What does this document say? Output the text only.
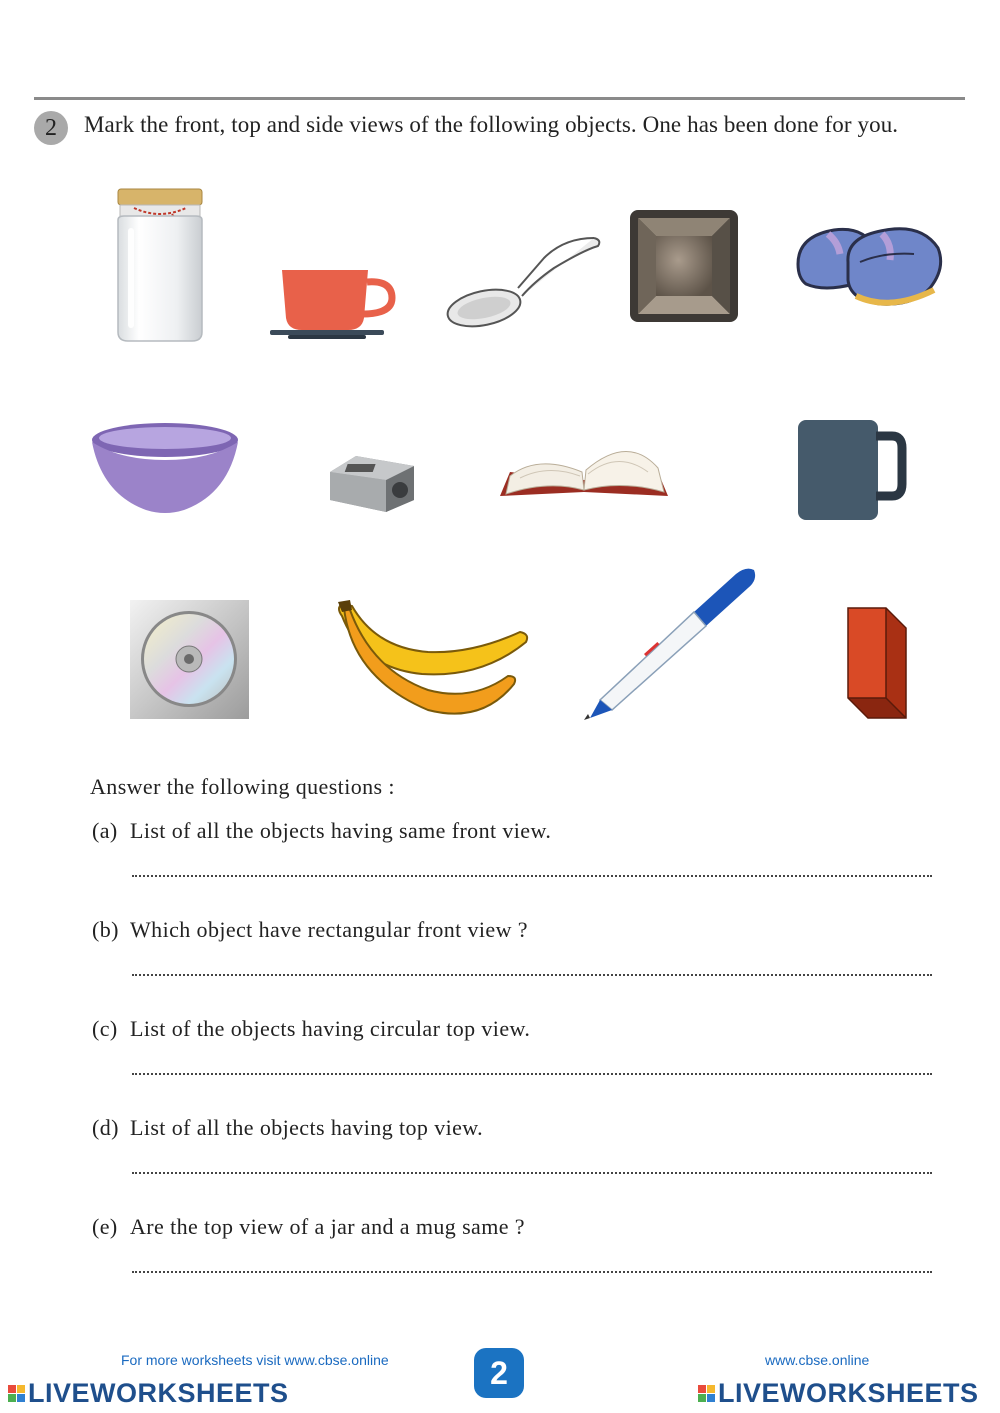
2	Mark the front, top and side views of the following objects. One has been done for you.
Answer the following questions :
(a) List of all the objects having same front view.
(b) Which object have rectangular front view ?
(c) List of the objects having circular top view.
(d) List of all the objects having top view.
(e) Are the top view of a jar and a mug same ?
For more worksheets visit www.cbse.online	2	www.cbse.online
LIVEWORKSHEETS	LIVEWORKSHEETS
